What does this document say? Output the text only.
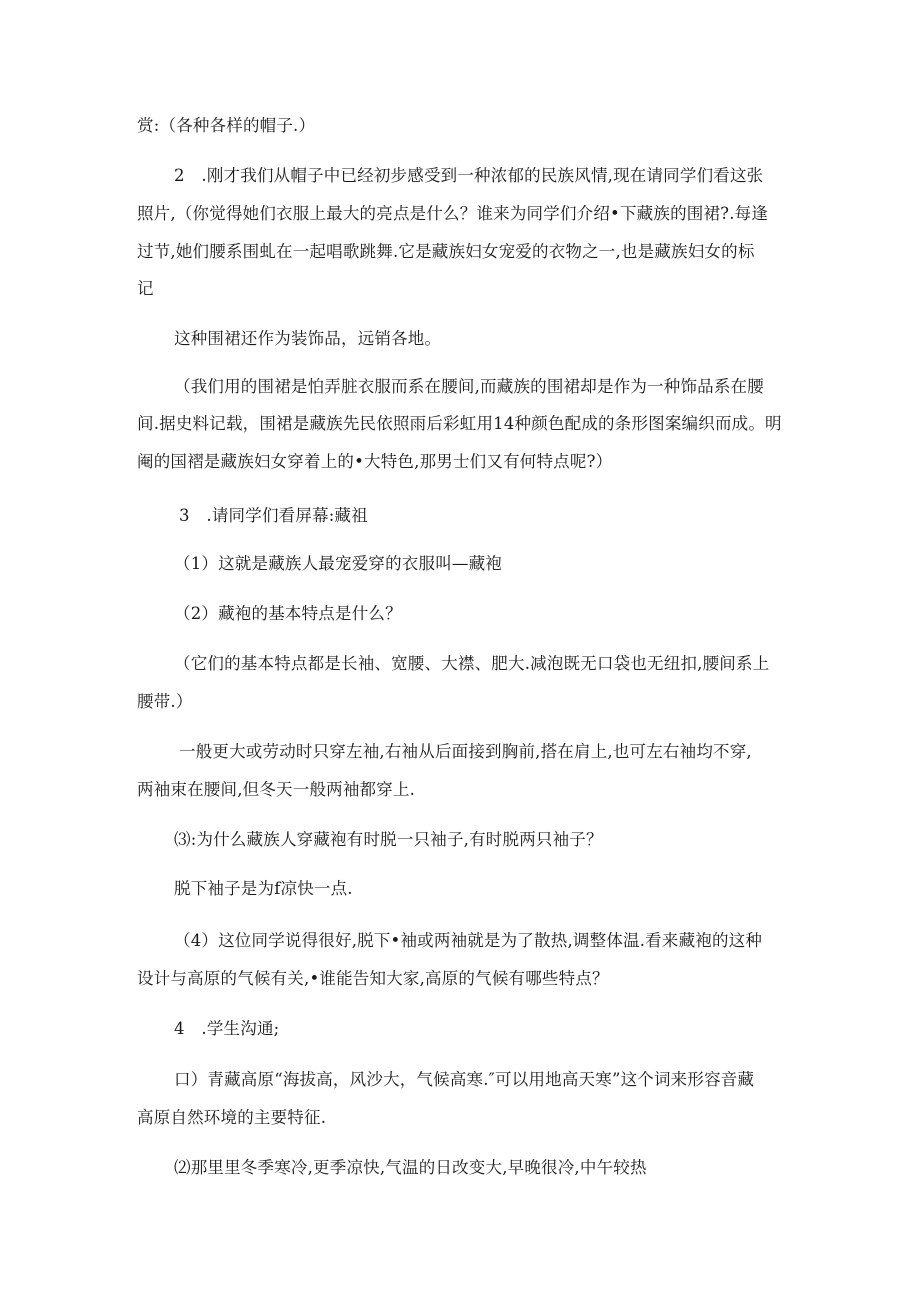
赏:（各种各样的帽子.）
2　.刚才我们从帽子中已经初步感受到一种浓郁的民族风情,现在请同学们看这张
照片,（你觉得她们衣服上最大的亮点是什么？谁来为同学们介绍•下藏族的围裙?.每逢
过节,她们腰系围虬在一起唱歌跳舞.它是藏族妇女宠爱的衣物之一,也是藏族妇女的标
记
这种围裙还作为装饰品，远销各地。
（我们用的围裙是怕弄脏衣服而系在腰间,而藏族的围裙却是作为一种饰品系在腰
间.据史料记载，围裙是藏族先民依照雨后彩虹用14种颜色配成的条形图案编织而成。明
阉的国褶是藏族妇女穿着上的•大特色,那男士们又有何特点呢?）
3　.请同学们看屏幕:藏祖
（1）这就是藏族人最宠爱穿的衣服叫—藏袍
（2）藏袍的基本特点是什么？
（它们的基本特点都是长袖、宽腰、大襟、肥大.减泡既无口袋也无纽扣,腰间系上
腰带.）
一般更大或劳动时只穿左袖,右袖从后面接到胸前,搭在肩上,也可左右袖均不穿,
两袖束在腰间,但冬天一般两袖都穿上.
⑶:为什么藏族人穿藏袍有时脱一只袖子,有时脱两只袖子？
脱下袖子是为f凉快一点.
（4）这位同学说得很好,脱下•袖或两袖就是为了散热,调整体温.看来藏袍的这种
设计与高原的气候有关,•谁能告知大家,高原的气候有哪些特点？
4　.学生沟通;
口）青藏高原“海拔高，风沙大，气候高寒.″可以用地高天寒”这个词来形容音藏
高原自然环境的主要特征.
⑵那里里冬季寒冷,更季凉快,气温的日改变大,早晚很冷,中午较热
